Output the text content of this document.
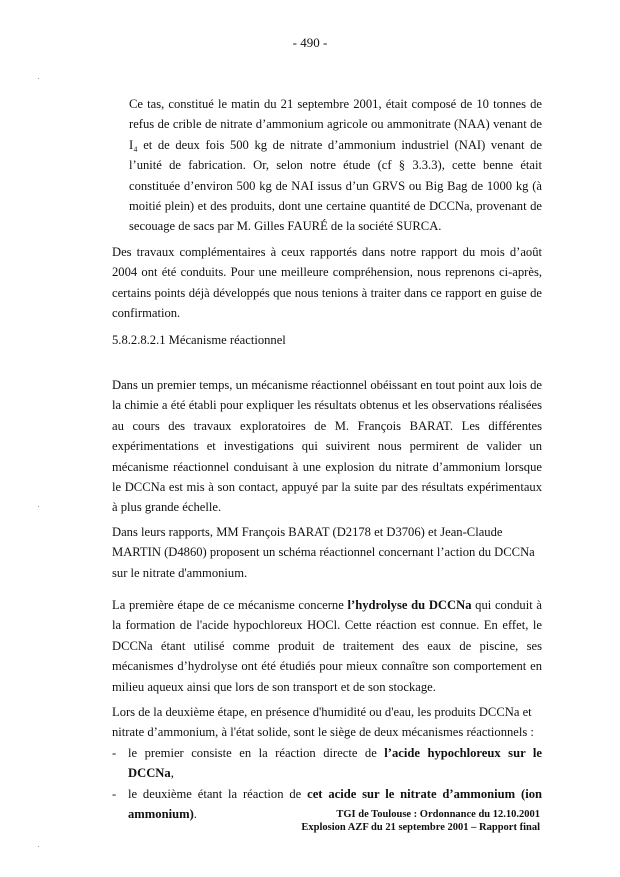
- 490 -

Ce tas, constitué le matin du 21 septembre 2001, était composé de 10 tonnes de refus de crible de nitrate d’ammonium agricole ou ammonitrate (NAA) venant de I₄ et de deux fois 500 kg de nitrate d’ammonium industriel (NAI) venant de l’unité de fabrication. Or, selon notre étude (cf § 3.3.3), cette benne était constituée d’environ 500 kg de NAI issus d’un GRVS ou Big Bag de 1000 kg (à moitié plein) et des produits, dont une certaine quantité de DCCNa, provenant de secouage de sacs par M. Gilles FAURÉ de la société SURCA.

Des travaux complémentaires à ceux rapportés dans notre rapport du mois d’août 2004 ont été conduits. Pour une meilleure compréhension, nous reprenons ci-après, certains points déjà développés que nous tenions à traiter dans ce rapport en guise de confirmation.

5.8.2.8.2.1 Mécanisme réactionnel

Dans un premier temps, un mécanisme réactionnel obéissant en tout point aux lois de la chimie a été établi pour expliquer les résultats obtenus et les observations réalisées au cours des travaux exploratoires de M. François BARAT. Les différentes expérimentations et investigations qui suivirent nous permirent de valider un mécanisme réactionnel conduisant à une explosion du nitrate d’ammonium lorsque le DCCNa est mis à son contact, appuyé par la suite par des résultats expérimentaux à plus grande échelle.

Dans leurs rapports, MM François BARAT (D2178 et D3706) et Jean-Claude
MARTIN (D4860) proposent un schéma réactionnel concernant l’action du DCCNa
sur le nitrate d'ammonium.

La première étape de ce mécanisme concerne l’hydrolyse du DCCNa qui conduit à la formation de l'acide hypochloreux HOCl. Cette réaction est connue. En effet, le DCCNa étant utilisé comme produit de traitement des eaux de piscine, ses mécanismes d’hydrolyse ont été étudiés pour mieux connaître son comportement en milieu aqueux ainsi que lors de son transport et de son stockage.

Lors de la deuxième étape, en présence d'humidité ou d'eau, les produits DCCNa et nitrate d’ammonium, à l'état solide, sont le siège de deux mécanismes réactionnels :
- le premier consiste en la réaction directe de l’acide hypochloreux sur le DCCNa,
- le deuxième étant la réaction de cet acide sur le nitrate d’ammonium (ion ammonium).	TGI de Toulouse : Ordonnance du 12.10.2001
Explosion AZF du 21 septembre 2001 – Rapport final
